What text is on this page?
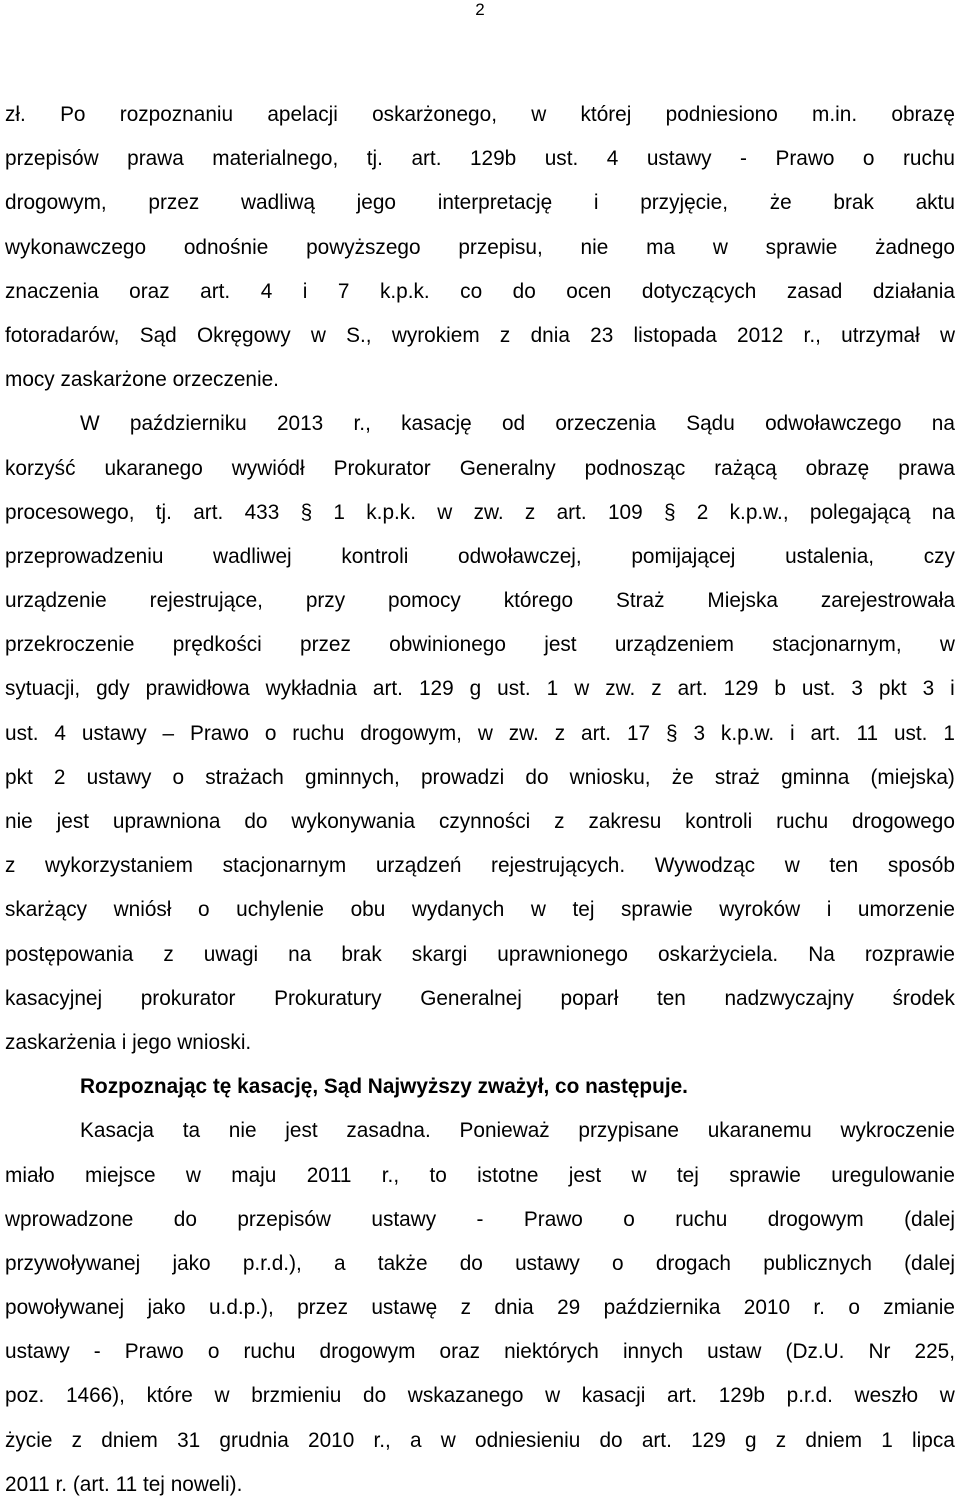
2
zł. Po rozpoznaniu apelacji oskarżonego, w której podniesiono m.in. obrazę
przepisów prawa materialnego, tj. art. 129b ust. 4 ustawy - Prawo o ruchu
drogowym, przez wadliwą jego interpretację i przyjęcie, że brak aktu
wykonawczego odnośnie powyższego przepisu, nie ma w sprawie żadnego
znaczenia oraz art. 4 i 7 k.p.k. co do ocen dotyczących zasad działania
fotoradarów, Sąd Okręgowy w S., wyrokiem z dnia 23 listopada 2012 r., utrzymał w
mocy zaskarżone orzeczenie.
W październiku 2013 r., kasację od orzeczenia Sądu odwoławczego na
korzyść ukaranego wywiódł Prokurator Generalny podnosząc rażącą obrazę prawa
procesowego, tj. art. 433 § 1 k.p.k. w zw. z art. 109 § 2 k.p.w., polegającą na
przeprowadzeniu wadliwej kontroli odwoławczej, pomijającej ustalenia, czy
urządzenie rejestrujące, przy pomocy którego Straż Miejska zarejestrowała
przekroczenie prędkości przez obwinionego jest urządzeniem stacjonarnym, w
sytuacji, gdy prawidłowa wykładnia art. 129 g ust. 1 w zw. z art. 129 b ust. 3 pkt 3 i
ust. 4 ustawy – Prawo o ruchu drogowym, w zw. z art. 17 § 3 k.p.w. i art. 11 ust. 1
pkt 2 ustawy o strażach gminnych, prowadzi do wniosku, że straż gminna (miejska)
nie jest uprawniona do wykonywania czynności z zakresu kontroli ruchu drogowego
z wykorzystaniem stacjonarnym urządzeń rejestrujących. Wywodząc w ten sposób
skarżący wniósł o uchylenie obu wydanych w tej sprawie wyroków i umorzenie
postępowania z uwagi na brak skargi uprawnionego oskarżyciela. Na rozprawie
kasacyjnej prokurator Prokuratury Generalnej poparł ten nadzwyczajny środek
zaskarżenia i jego wnioski.
Rozpoznając tę kasację, Sąd Najwyższy zważył, co następuje.
Kasacja ta nie jest zasadna. Ponieważ przypisane ukaranemu wykroczenie
miało miejsce w maju 2011 r., to istotne jest w tej sprawie uregulowanie
wprowadzone do przepisów ustawy - Prawo o ruchu drogowym (dalej
przywoływanej jako p.r.d.), a także do ustawy o drogach publicznych (dalej
powoływanej jako u.d.p.), przez ustawę z dnia 29 października 2010 r. o zmianie
ustawy - Prawo o ruchu drogowym oraz niektórych innych ustaw (Dz.U. Nr 225,
poz. 1466), które w brzmieniu do wskazanego w kasacji art. 129b p.r.d. weszło w
życie z dniem 31 grudnia 2010 r., a w odniesieniu do art. 129 g z dniem 1 lipca
2011 r. (art. 11 tej noweli).
